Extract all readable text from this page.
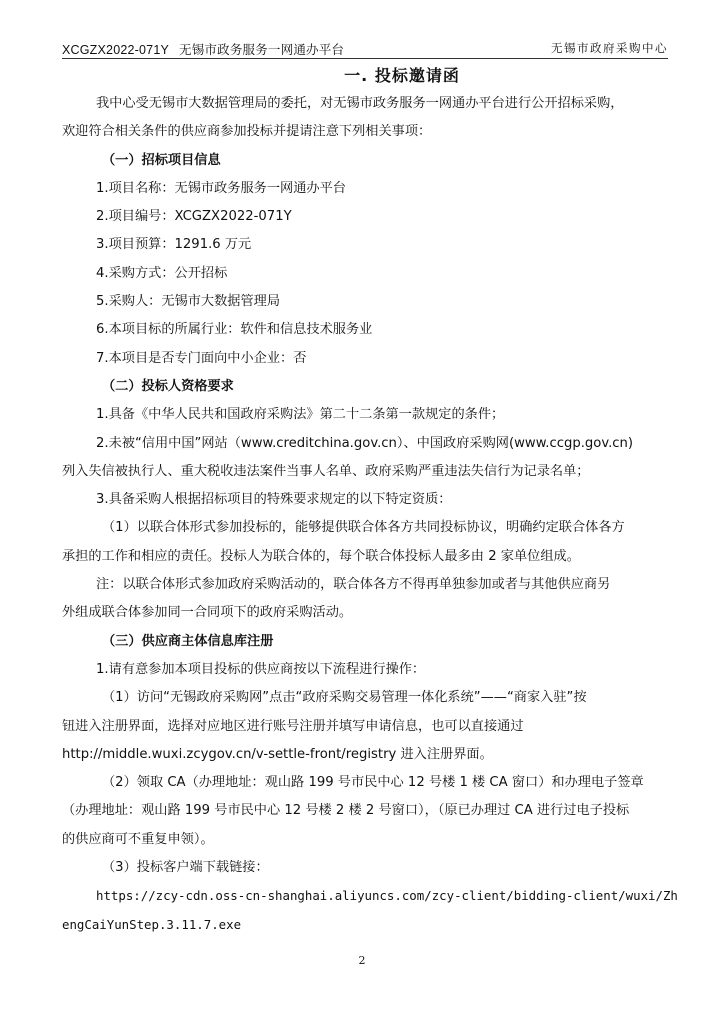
XCGZX2022-071Y 无锡市政务服务一网通办平台	无锡市政府采购中心
一. 投标邀请函

我中心受无锡市大数据管理局的委托，对无锡市政务服务一网通办平台进行公开招标采购，

欢迎符合相关条件的供应商参加投标并提请注意下列相关事项：

（一）招标项目信息

1.项目名称：无锡市政务服务一网通办平台

2.项目编号：XCGZX2022-071Y

3.项目预算：1291.6 万元

4.采购方式：公开招标

5.采购人：无锡市大数据管理局

6.本项目标的所属行业：软件和信息技术服务业

7.本项目是否专门面向中小企业：否

（二）投标人资格要求

1.具备《中华人民共和国政府采购法》第二十二条第一款规定的条件；

2.未被“信用中国”网站（www.creditchina.gov.cn）、中国政府采购网(www.ccgp.gov.cn)

列入失信被执行人、重大税收违法案件当事人名单、政府采购严重违法失信行为记录名单；

3.具备采购人根据招标项目的特殊要求规定的以下特定资质：

（1）以联合体形式参加投标的，能够提供联合体各方共同投标协议，明确约定联合体各方

承担的工作和相应的责任。投标人为联合体的，每个联合体投标人最多由 2 家单位组成。

注：以联合体形式参加政府采购活动的，联合体各方不得再单独参加或者与其他供应商另

外组成联合体参加同一合同项下的政府采购活动。

（三）供应商主体信息库注册

1.请有意参加本项目投标的供应商按以下流程进行操作：

（1）访问“无锡政府采购网”点击“政府采购交易管理一体化系统”——“商家入驻”按

钮进入注册界面，选择对应地区进行账号注册并填写申请信息，也可以直接通过

http://middle.wuxi.zcygov.cn/v-settle-front/registry 进入注册界面。

（2）领取 CA（办理地址：观山路 199 号市民中心 12 号楼 1 楼 CA 窗口）和办理电子签章

（办理地址：观山路 199 号市民中心 12 号楼 2 楼 2 号窗口），（原已办理过 CA 进行过电子投标

的供应商可不重复申领）。

（3）投标客户端下载链接：

https://zcy-cdn.oss-cn-shanghai.aliyuncs.com/zcy-client/bidding-client/wuxi/Zh

engCaiYunStep.3.11.7.exe

2
